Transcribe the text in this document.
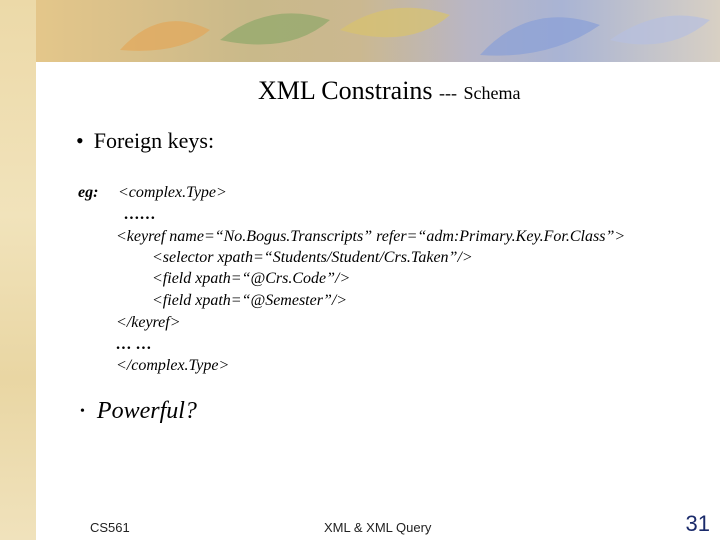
XML Constrains --- Schema
• Foreign keys:
eg: <complex.Type>
……
<keyref name=“No.Bogus.Transcripts” refer=“adm:Primary.Key.For.Class”>
<selector xpath=“Students/Student/Crs.Taken”/>
<field xpath=“@Crs.Code”/>
<field xpath=“@Semester”/>
</keyref>
… …
</complex.Type>
• Powerful?
CS561	XML & XML Query	31
